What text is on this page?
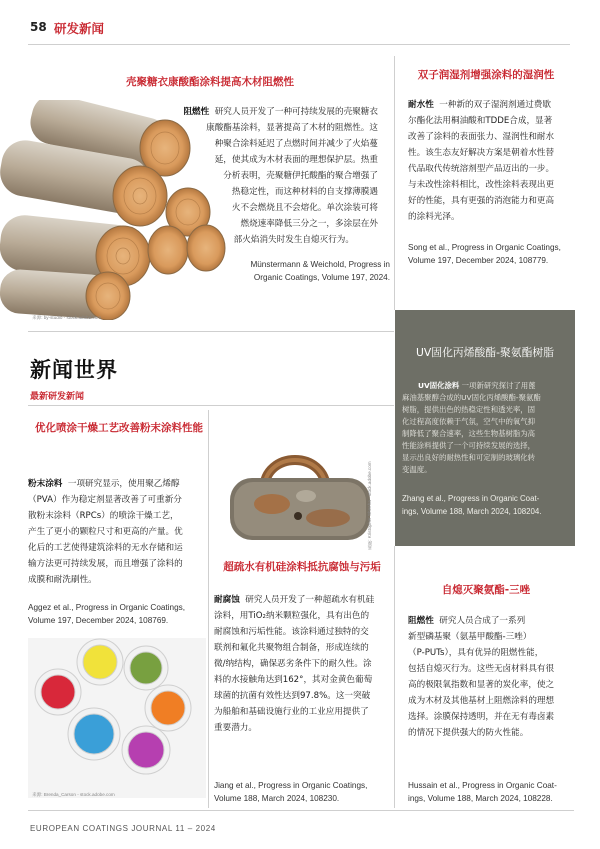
58 研发新闻
来源: by-studio - stock.adobe.com
壳聚糖衣康酸酯涂料提高木材阻燃性
阻燃性 研究人员开发了一种可持续发展的壳聚糖衣
康酸酯基涂料，显著提高了木材的阻燃性。这
种聚合涂料延迟了点燃时间并减少了火焰蔓
延，使其成为木材表面的理想保护层。热重
分析表明，壳聚糖伊托酸酯的聚合增强了
热稳定性，而这种材料的自支撑薄膜遇
火不会燃烧且不会熔化。单次涂装可将
燃烧速率降低三分之一，多涂层在外
部火焰消失时发生自熄灭行为。
Münstermann & Weichold, Progress in
Organic Coatings, Volume 197, 2024.
双子润湿剂增强涂料的湿润性
耐水性 一种新的双子湿润剂通过费歇
尔酯化法用桐油酸和TDDE合成，显著
改善了涂料的表面张力、湿润性和耐水
性。该生态友好解决方案是朝着水性替
代品取代传统溶剂型产品迈出的一步。
与未改性涂料相比，改性涂料表现出更
好的性能，具有更强的消泡能力和更高
的涂料光泽。
Song et al., Progress in Organic Coatings,
Volume 197, December 2024, 108779.
UV固化丙烯酸酯-聚氨酯树脂
UV固化涂料 一项新研究探讨了用蓖
麻油基聚醇合成的UV固化丙烯酸酯-聚氨酯
树脂，提供出色的热稳定性和透光率，固
化过程高度依赖于气氛，空气中的氧气抑
制降低了聚合速率，这些生物基树脂为高
性能涂料提供了一个可持续发展的选择，
显示出良好的耐热性和可定制的玻璃化转
变温度。
Zhang et al., Progress in Organic Coat-
ings, Volume 188, March 2024, 108204.
新闻世界
最新研发新闻
优化喷涂干燥工艺改善粉末涂料性能
粉末涂料 一项研究显示，使用聚乙烯醇
（PVA）作为稳定剂显著改善了可重新分
散粉末涂料（RPCs）的喷涂干燥工艺，
产生了更小的颗粒尺寸和更高的产量。优
化后的工艺使得建筑涂料的无水存储和运
输方法更可持续发展，而且增强了涂料的
成膜和耐洗刷性。
Aggez et al., Progress in Organic Coatings,
Volume 197, December 2024, 108769.
来源: Brenda_Carson - stock.adobe.com
来源: Kristopher Sheeha - stock.adobe.com
超疏水有机硅涂料抵抗腐蚀与污垢
耐腐蚀 研究人员开发了一种超疏水有机硅
涂料，用TiO₂纳米颗粒强化，具有出色的
耐腐蚀和污垢性能。该涂料通过独特的交
联剂和氟化共聚物组合制备，形成连续的
微/纳结构，确保恶劣条件下的耐久性。涂
料的水接触角达到162°，其对金黄色葡萄
球菌的抗菌有效性达到97.8%。这一突破
为船舶和基础设施行业的工业应用提供了
重要潜力。
Jiang et al., Progress in Organic Coatings,
Volume 188, March 2024, 108230.
自熄灭聚氨酯-三唑
阻燃性 研究人员合成了一系列
新型磷基聚（氨基甲酸酯-三唑）
（P-PUTs），具有优异的阻燃性能，
包括自熄灭行为。这些无卤材料具有很
高的极限氧指数和显著的炭化率，使之
成为木材及其他基材上阻燃涂料的理想
选择。涂膜保持透明，并在无有毒卤素
的情况下提供强大的防火性能。
Hussain et al., Progress in Organic Coat-
ings, Volume 188, March 2024, 108228.
EUROPEAN COATINGS JOURNAL 11 – 2024
